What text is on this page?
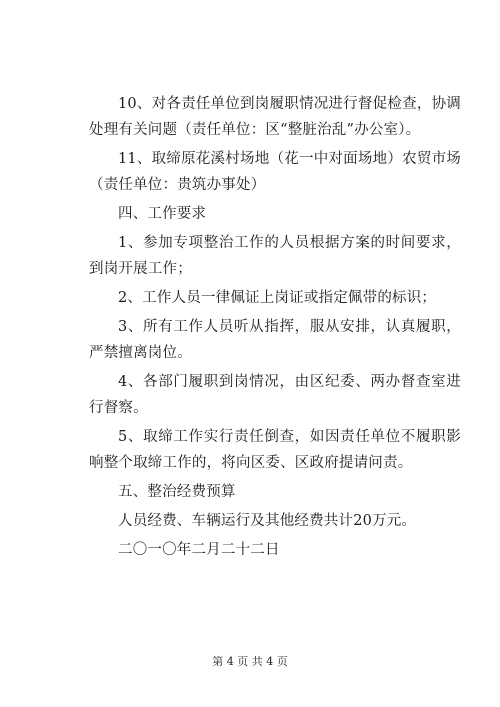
10、对各责任单位到岗履职情况进行督促检查，协调处理有关问题（责任单位：区“整脏治乱”办公室）。

11、取缔原花溪村场地（花一中对面场地）农贸市场（责任单位：贵筑办事处）

四、工作要求

1、参加专项整治工作的人员根据方案的时间要求，到岗开展工作；

2、工作人员一律佩证上岗证或指定佩带的标识；

3、所有工作人员听从指挥，服从安排，认真履职，严禁擅离岗位。

4、各部门履职到岗情况，由区纪委、两办督查室进行督察。

5、取缔工作实行责任倒查，如因责任单位不履职影响整个取缔工作的，将向区委、区政府提请问责。

五、整治经费预算

人员经费、车辆运行及其他经费共计20万元。

二〇一〇年二月二十二日

第 4 页 共 4 页
